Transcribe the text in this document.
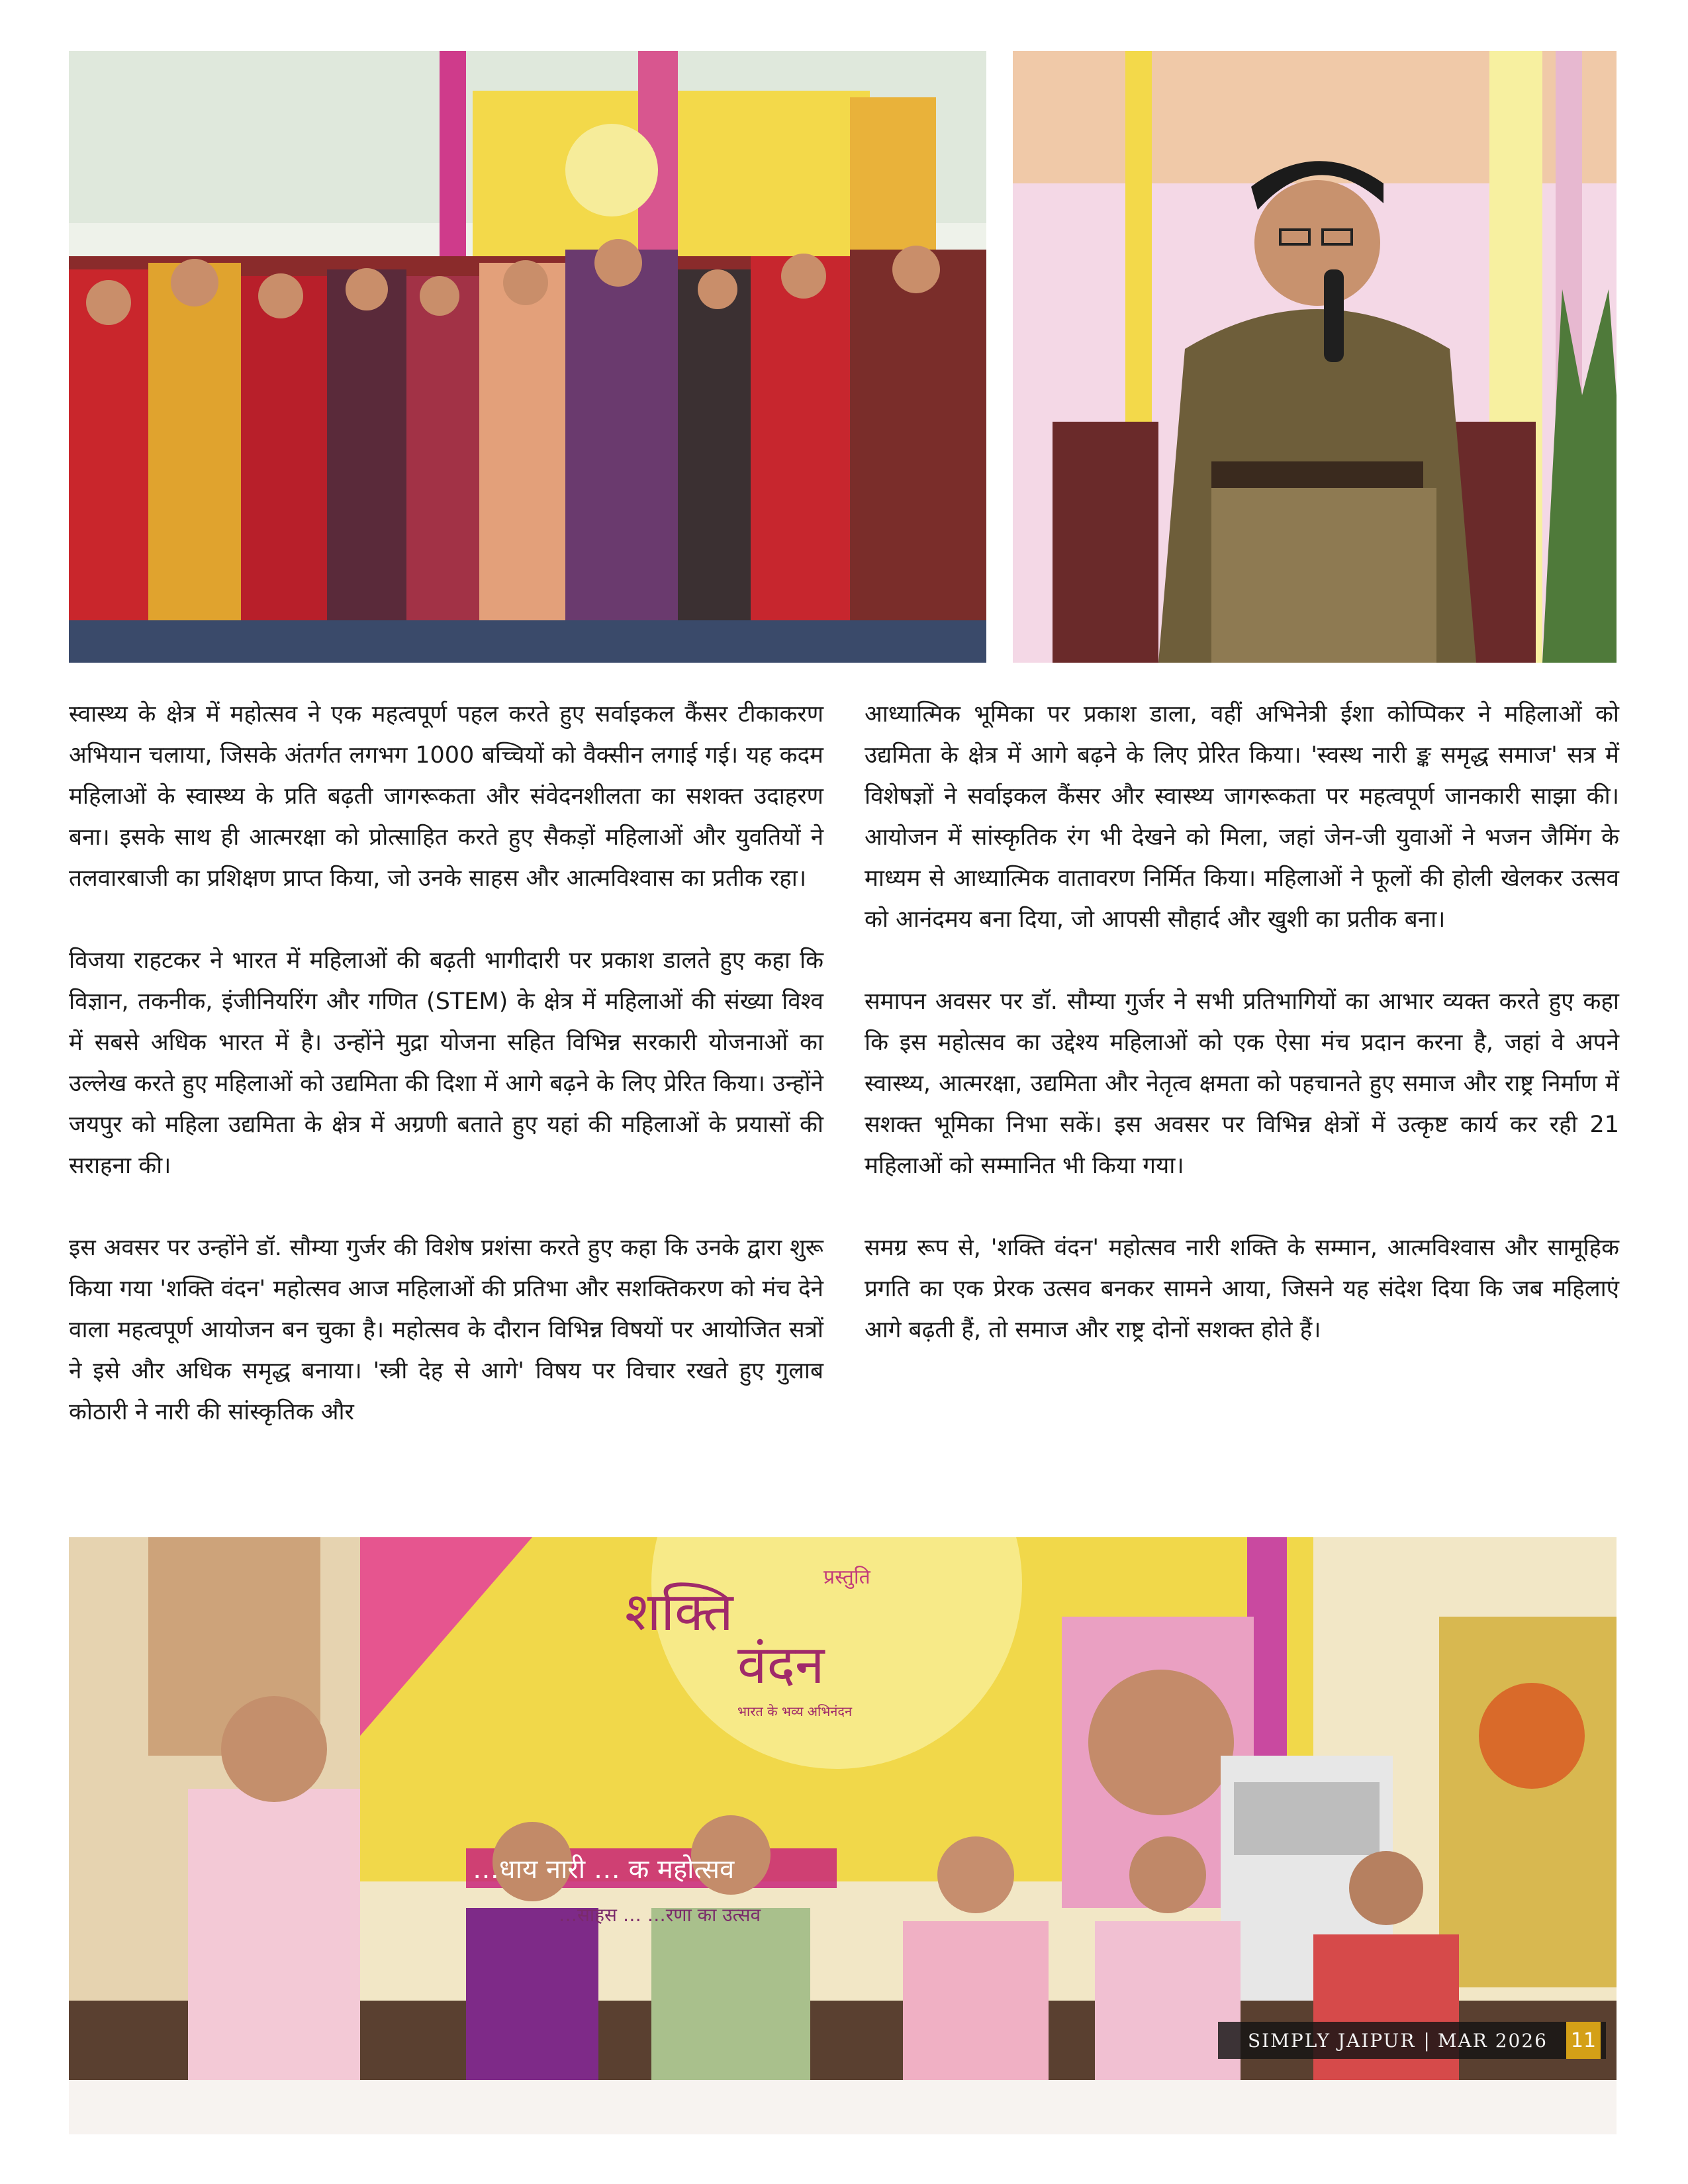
स्वास्थ्य के क्षेत्र में महोत्सव ने एक महत्वपूर्ण पहल करते हुए सर्वाइकल कैंसर टीकाकरण अभियान चलाया, जिसके अंतर्गत लगभग 1000 बच्चियों को वैक्सीन लगाई गई। यह कदम महिलाओं के स्वास्थ्य के प्रति बढ़ती जागरूकता और संवेदनशीलता का सशक्त उदाहरण बना। इसके साथ ही आत्मरक्षा को प्रोत्साहित करते हुए सैकड़ों महिलाओं और युवतियों ने तलवारबाजी का प्रशिक्षण प्राप्त किया, जो उनके साहस और आत्मविश्वास का प्रतीक रहा।

विजया राहटकर ने भारत में महिलाओं की बढ़ती भागीदारी पर प्रकाश डालते हुए कहा कि विज्ञान, तकनीक, इंजीनियरिंग और गणित (STEM) के क्षेत्र में महिलाओं की संख्या विश्व में सबसे अधिक भारत में है। उन्होंने मुद्रा योजना सहित विभिन्न सरकारी योजनाओं का उल्लेख करते हुए महिलाओं को उद्यमिता की दिशा में आगे बढ़ने के लिए प्रेरित किया। उन्होंने जयपुर को महिला उद्यमिता के क्षेत्र में अग्रणी बताते हुए यहां की महिलाओं के प्रयासों की सराहना की।

इस अवसर पर उन्होंने डॉ. सौम्या गुर्जर की विशेष प्रशंसा करते हुए कहा कि उनके द्वारा शुरू किया गया 'शक्ति वंदन' महोत्सव आज महिलाओं की प्रतिभा और सशक्तिकरण को मंच देने वाला महत्वपूर्ण आयोजन बन चुका है। महोत्सव के दौरान विभिन्न विषयों पर आयोजित सत्रों ने इसे और अधिक समृद्ध बनाया। 'स्त्री देह से आगे' विषय पर विचार रखते हुए गुलाब कोठारी ने नारी की सांस्कृतिक और

आध्यात्मिक भूमिका पर प्रकाश डाला, वहीं अभिनेत्री ईशा कोप्पिकर ने महिलाओं को उद्यमिता के क्षेत्र में आगे बढ़ने के लिए प्रेरित किया। 'स्वस्थ नारी ङ्क समृद्ध समाज' सत्र में विशेषज्ञों ने सर्वाइकल कैंसर और स्वास्थ्य जागरूकता पर महत्वपूर्ण जानकारी साझा की। आयोजन में सांस्कृतिक रंग भी देखने को मिला, जहां जेन-जी युवाओं ने भजन जैमिंग के माध्यम से आध्यात्मिक वातावरण निर्मित किया। महिलाओं ने फूलों की होली खेलकर उत्सव को आनंदमय बना दिया, जो आपसी सौहार्द और खुशी का प्रतीक बना।

समापन अवसर पर डॉ. सौम्या गुर्जर ने सभी प्रतिभागियों का आभार व्यक्त करते हुए कहा कि इस महोत्सव का उद्देश्य महिलाओं को एक ऐसा मंच प्रदान करना है, जहां वे अपने स्वास्थ्य, आत्मरक्षा, उद्यमिता और नेतृत्व क्षमता को पहचानते हुए समाज और राष्ट्र निर्माण में सशक्त भूमिका निभा सकें। इस अवसर पर विभिन्न क्षेत्रों में उत्कृष्ट कार्य कर रही 21 महिलाओं को सम्मानित भी किया गया।

समग्र रूप से, 'शक्ति वंदन' महोत्सव नारी शक्ति के सम्मान, आत्मविश्वास और सामूहिक प्रगति का एक प्रेरक उत्सव बनकर सामने आया, जिसने यह संदेश दिया कि जब महिलाएं आगे बढ़ती हैं, तो समाज और राष्ट्र दोनों सशक्त होते हैं।

प्रस्तुति
शक्ति
वंदन
भारत के भव्य अभिनंदन
…धाय नारी … क महोत्सव
…साहस … …रणा का उत्सव
SIMPLY JAIPUR | MAR 2026 11
